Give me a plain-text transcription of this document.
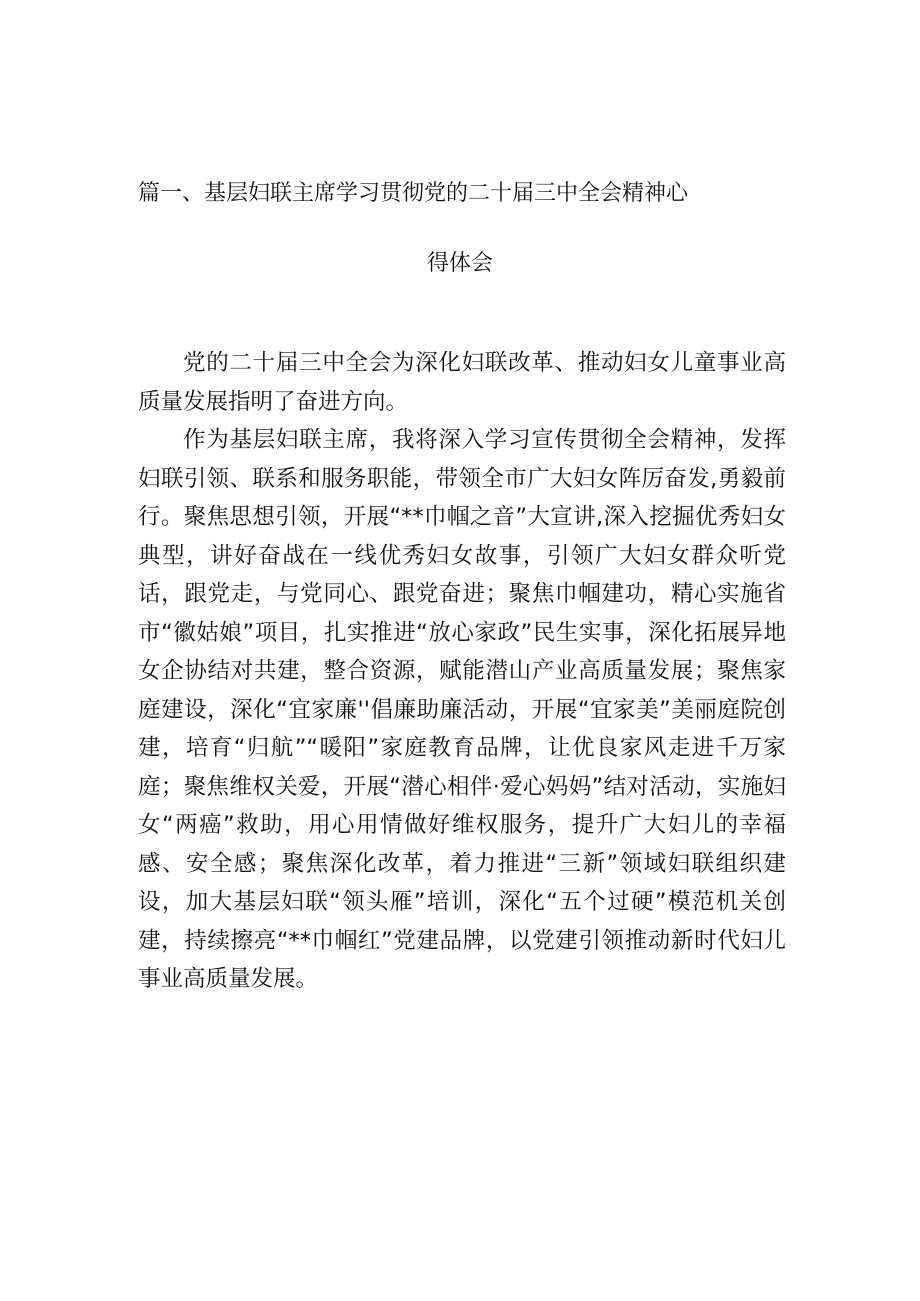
篇一、基层妇联主席学习贯彻党的二十届三中全会精神心
得体会

党的二十届三中全会为深化妇联改革、推动妇女儿童事业高质量发展指明了奋进方向。

作为基层妇联主席，我将深入学习宣传贯彻全会精神，发挥妇联引领、联系和服务职能，带领全市广大妇女阵厉奋发,勇毅前行。聚焦思想引领，开展“**巾帼之音”大宣讲,深入挖掘优秀妇女典型，讲好奋战在一线优秀妇女故事，引领广大妇女群众听党话，跟党走，与党同心、跟党奋进；聚焦巾帼建功，精心实施省市“徽姑娘”项目，扎实推进“放心家政”民生实事，深化拓展异地女企协结对共建，整合资源，赋能潜山产业高质量发展；聚焦家庭建设，深化“宜家廉''倡廉助廉活动，开展“宜家美”美丽庭院创建，培育“归航”“暖阳”家庭教育品牌，让优良家风走进千万家庭；聚焦维权关爱，开展“潜心相伴·爱心妈妈”结对活动，实施妇女“两癌”救助，用心用情做好维权服务，提升广大妇儿的幸福感、安全感；聚焦深化改革，着力推进“三新”领域妇联组织建设，加大基层妇联“领头雁”培训，深化“五个过硬”模范机关创建，持续擦亮“**巾帼红”党建品牌，以党建引领推动新时代妇儿事业高质量发展。
